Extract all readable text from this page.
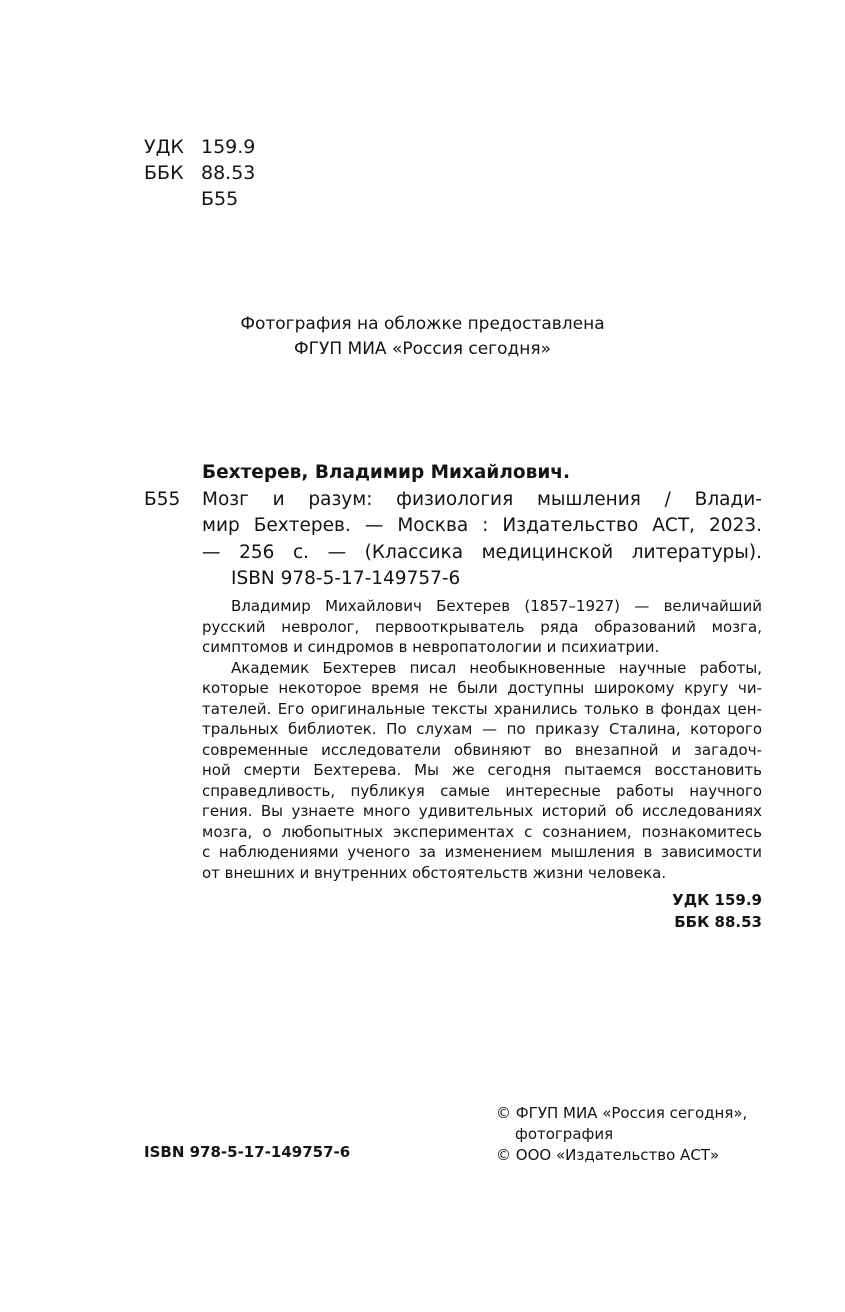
УДК 159.9
ББК 88.53
Б55
Фотография на обложке предоставлена
ФГУП МИА «Россия сегодня»
Бехтерев, Владимир Михайлович.
Б55 Мозг и разум: физиология мышления / Влади-
мир Бехтерев. — Москва : Издательство АСТ, 2023.
— 256 с. — (Классика медицинской литературы).
ISBN 978-5-17-149757-6

Владимир Михайлович Бехтерев (1857–1927) — величайший
русский невролог, первооткрыватель ряда образований мозга,
симптомов и синдромов в невропатологии и психиатрии.

Академик Бехтерев писал необыкновенные научные работы,
которые некоторое время не были доступны широкому кругу чи-
тателей. Его оригинальные тексты хранились только в фондах цен-
тральных библиотек. По слухам — по приказу Сталина, которого
современные исследователи обвиняют во внезапной и загадоч-
ной смерти Бехтерева. Мы же сегодня пытаемся восстановить
справедливость, публикуя самые интересные работы научного
гения. Вы узнаете много удивительных историй об исследованиях
мозга, о любопытных экспериментах с сознанием, познакомитесь
с наблюдениями ученого за изменением мышления в зависимости
от внешних и внутренних обстоятельств жизни человека.

УДК 159.9
ББК 88.53
© ФГУП МИА «Россия сегодня»,
фотография
© ООО «Издательство АСТ»
ISBN 978-5-17-149757-6
